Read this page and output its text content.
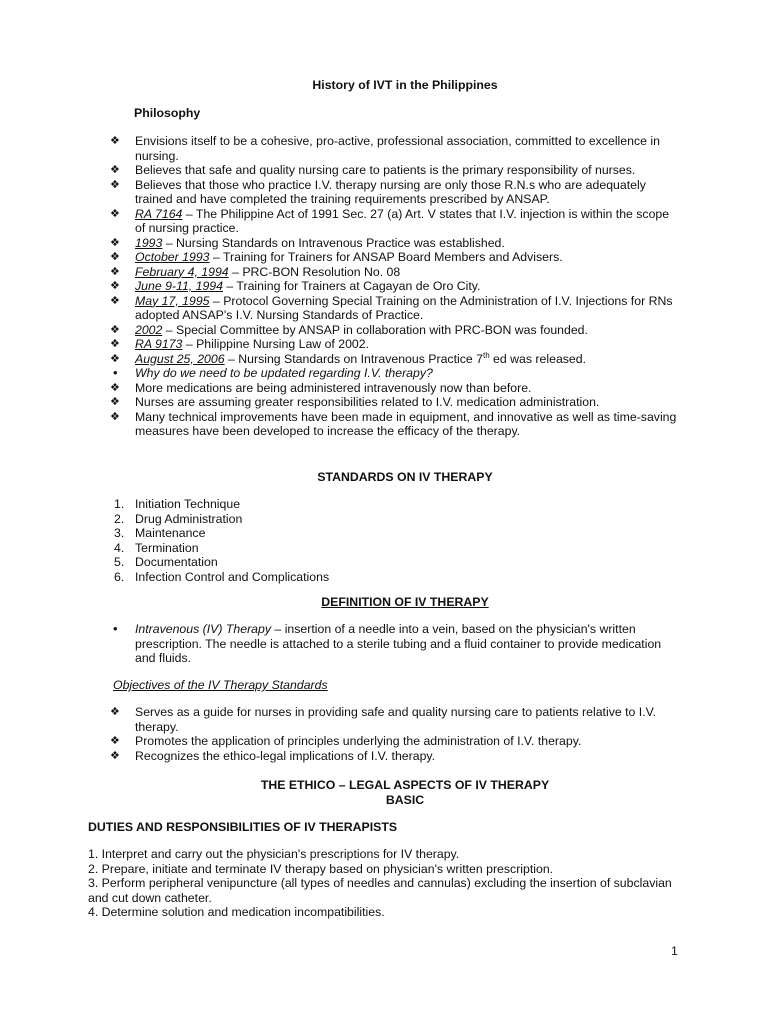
History of IVT in the Philippines
Philosophy
❖	Envisions itself to be a cohesive, pro-active, professional association, committed to excellence in nursing.
❖	Believes that safe and quality nursing care to patients is the primary responsibility of nurses.
❖	Believes that those who practice I.V. therapy nursing are only those R.N.s who are adequately trained and have completed the training requirements prescribed by ANSAP.
❖	RA 7164 – The Philippine Act of 1991 Sec. 27 (a) Art. V states that I.V. injection is within the scope of nursing practice.
❖	1993 – Nursing Standards on Intravenous Practice was established.
❖	October 1993 – Training for Trainers for ANSAP Board Members and Advisers.
❖	February 4, 1994 – PRC-BON Resolution No. 08
❖	June 9-11, 1994 – Training for Trainers at Cagayan de Oro City.
❖	May 17, 1995 – Protocol Governing Special Training on the Administration of I.V. Injections for RNs adopted ANSAP's I.V. Nursing Standards of Practice.
❖	2002 – Special Committee by ANSAP in collaboration with PRC-BON was founded.
❖	RA 9173 – Philippine Nursing Law of 2002.
❖	August 25, 2006 – Nursing Standards on Intravenous Practice 7th ed was released.
•	Why do we need to be updated regarding I.V. therapy?
❖	More medications are being administered intravenously now than before.
❖	Nurses are assuming greater responsibilities related to I.V. medication administration.
❖	Many technical improvements have been made in equipment, and innovative as well as time-saving measures have been developed to increase the efficacy of the therapy.
STANDARDS ON IV THERAPY
1. Initiation Technique
2. Drug Administration
3. Maintenance
4. Termination
5. Documentation
6. Infection Control and Complications
DEFINITION OF IV THERAPY
•	Intravenous (IV) Therapy – insertion of a needle into a vein, based on the physician's written prescription. The needle is attached to a sterile tubing and a fluid container to provide medication and fluids.
Objectives of the IV Therapy Standards
❖	Serves as a guide for nurses in providing safe and quality nursing care to patients relative to I.V. therapy.
❖	Promotes the application of principles underlying the administration of I.V. therapy.
❖	Recognizes the ethico-legal implications of I.V. therapy.
THE ETHICO – LEGAL ASPECTS OF IV THERAPY
BASIC
DUTIES AND RESPONSIBILITIES OF IV THERAPISTS
1. Interpret and carry out the physician's prescriptions for IV therapy.
2. Prepare, initiate and terminate IV therapy based on physician's written prescription.
3. Perform peripheral venipuncture (all types of needles and cannulas) excluding the insertion of subclavian and cut down catheter.
4. Determine solution and medication incompatibilities.
1
